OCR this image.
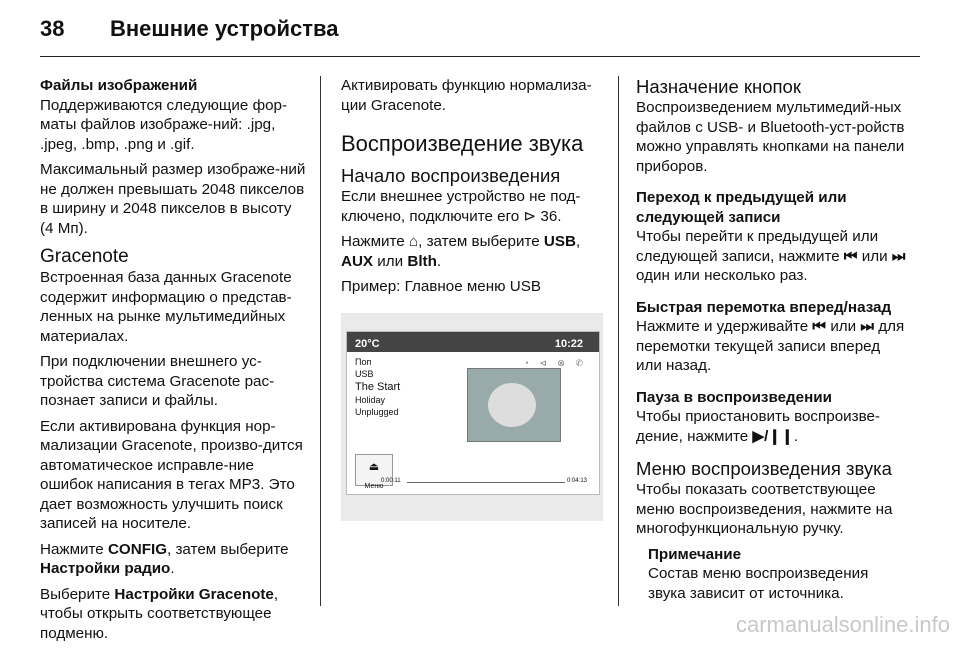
38 Внешние устройства

Файлы изображений

Поддерживаются следующие фор-маты файлов изображе-ний: .jpg, .jpeg, .bmp, .png и .gif.

Максимальный размер изображе-ний не должен превышать 2048 пикселов в ширину и 2048 пикселов в высоту (4 Мп).

Gracenote

Встроенная база данных Gracenote содержит информацию о представ-ленных на рынке мультимедийных материалах.

При подключении внешнего ус-тройства система Gracenote рас-познает записи и файлы.

Если активирована функция нор-мализации Gracenote, произво-дится автоматическое исправле-ние ошибок написания в тегах MP3. Это дает возможность улучшить поиск записей на носителе.

Нажмите CONFIG, затем выберите Настройки радио.

Выберите Настройки Gracenote, чтобы открыть соответствующее подменю.

Активировать функцию нормализа-ции Gracenote.

Воспроизведение звука

Начало воспроизведения

Если внешнее устройство не под-ключено, подключите его ⊳ 36.

Нажмите ⌂, затем выберите USB,
AUX или Blth.

Пример: Главное меню USB

20°C	10:22
Поп
USB
The Start
Holiday
Unplugged
◔ ⊲ ⊗ ✆
⏏
Меню
0:00:11	0:04:13

Назначение кнопок

Воспроизведением мультимедий-ных файлов с USB- и Bluetooth-уст-ройств можно управлять кнопками на панели приборов.

Переход к предыдущей или следующей записи

Чтобы перейти к предыдущей или следующей записи, нажмите ⏮ или ⏭ один или несколько раз.

Быстрая перемотка вперед/назад

Нажмите и удерживайте ⏮ или ⏭ для перемотки текущей записи вперед или назад.

Пауза в воспроизведении

Чтобы приостановить воспроизве-дение, нажмите ▶/❙❙.

Меню воспроизведения звука

Чтобы показать соответствующее меню воспроизведения, нажмите на многофункциональную ручку.

Примечание

Состав меню воспроизведения звука зависит от источника.

carmanualsonline.info
